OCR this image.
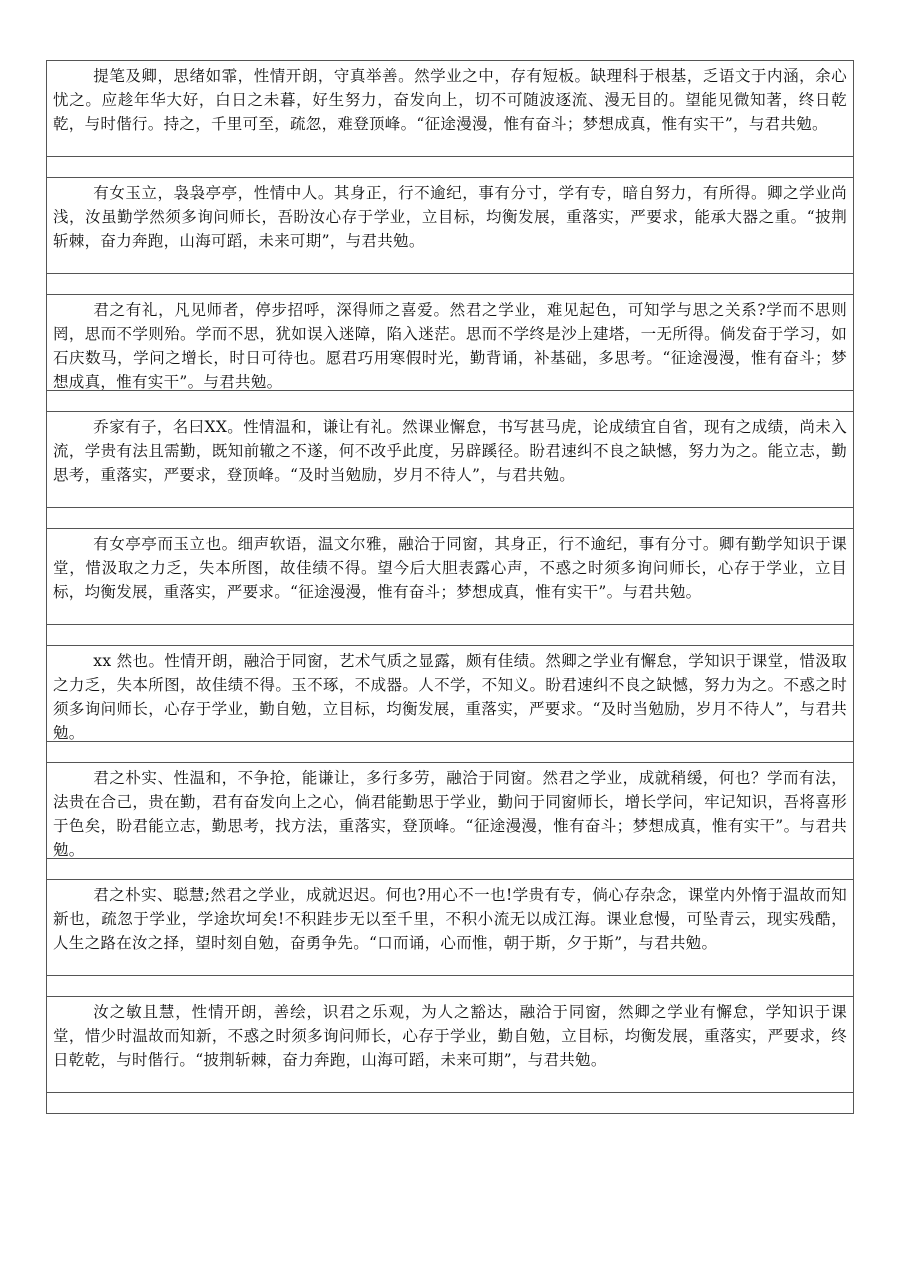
提笔及卿，思绪如霏，性情开朗，守真举善。然学业之中，存有短板。缺理科于根基，乏语文于内涵，余心忧之。应趁年华大好，白日之未暮，好生努力，奋发向上，切不可随波逐流、漫无目的。望能见微知著，终日乾乾，与时偕行。持之，千里可至，疏忽，难登顶峰。“征途漫漫，惟有奋斗；梦想成真，惟有实干”，与君共勉。

有女玉立，袅袅亭亭，性情中人。其身正，行不逾纪，事有分寸，学有专，暗自努力，有所得。卿之学业尚浅，汝虽勤学然须多询问师长，吾盼汝心存于学业，立目标，均衡发展，重落实，严要求，能承大器之重。“披荆斩棘，奋力奔跑，山海可蹈，未来可期”，与君共勉。

君之有礼，凡见师者，停步招呼，深得师之喜爱。然君之学业，难见起色，可知学与思之关系?学而不思则罔，思而不学则殆。学而不思，犹如误入迷障，陷入迷茫。思而不学终是沙上建塔，一无所得。倘发奋于学习，如石庆数马，学问之增长，时日可待也。愿君巧用寒假时光，勤背诵，补基础，多思考。“征途漫漫，惟有奋斗；梦想成真，惟有实干”。与君共勉。

乔家有子，名曰XX。性情温和，谦让有礼。然课业懈怠，书写甚马虎，论成绩宜自省，现有之成绩，尚未入流，学贵有法且需勤，既知前辙之不遂，何不改乎此度，另辟蹊径。盼君速纠不良之缺憾，努力为之。能立志，勤思考，重落实，严要求，登顶峰。“及时当勉励，岁月不待人”，与君共勉。

有女亭亭而玉立也。细声软语，温文尔雅，融洽于同窗，其身正，行不逾纪，事有分寸。卿有勤学知识于课堂，惜汲取之力乏，失本所图，故佳绩不得。望今后大胆表露心声，不惑之时须多询问师长，心存于学业，立目标，均衡发展，重落实，严要求。“征途漫漫，惟有奋斗；梦想成真，惟有实干”。与君共勉。

xx 然也。性情开朗，融洽于同窗，艺术气质之显露，颇有佳绩。然卿之学业有懈怠，学知识于课堂，惜汲取之力乏，失本所图，故佳绩不得。玉不琢，不成器。人不学，不知义。盼君速纠不良之缺憾，努力为之。不惑之时须多询问师长，心存于学业，勤自勉，立目标，均衡发展，重落实，严要求。“及时当勉励，岁月不待人”，与君共勉。

君之朴实、性温和，不争抢，能谦让，多行多劳，融洽于同窗。然君之学业，成就稍缓，何也？学而有法，法贵在合己，贵在勤，君有奋发向上之心，倘君能勤思于学业，勤问于同窗师长，增长学问，牢记知识，吾将喜形于色矣，盼君能立志，勤思考，找方法，重落实，登顶峰。“征途漫漫，惟有奋斗；梦想成真，惟有实干”。与君共勉。

君之朴实、聪慧;然君之学业，成就迟迟。何也?用心不一也!学贵有专，倘心存杂念，课堂内外惰于温故而知新也，疏忽于学业，学途坎坷矣!不积跬步无以至千里，不积小流无以成江海。课业怠慢，可坠青云，现实残酷，人生之路在汝之择，望时刻自勉，奋勇争先。“口而诵，心而惟，朝于斯，夕于斯”，与君共勉。

汝之敏且慧，性情开朗，善绘，识君之乐观，为人之豁达，融洽于同窗，然卿之学业有懈怠，学知识于课堂，惜少时温故而知新，不惑之时须多询问师长，心存于学业，勤自勉，立目标，均衡发展，重落实，严要求，终日乾乾，与时偕行。“披荆斩棘，奋力奔跑，山海可蹈，未来可期”，与君共勉。
